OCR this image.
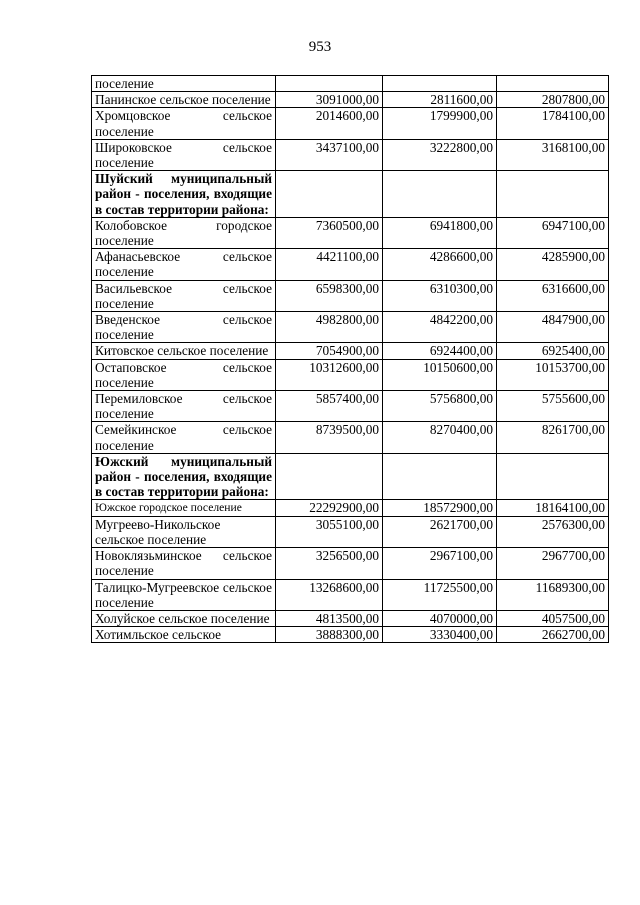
953
поселение			
Панинское сельское поселение	3091000,00	2811600,00	2807800,00
Хромцовское сельское поселение	2014600,00	1799900,00	1784100,00
Широковское сельское поселение	3437100,00	3222800,00	3168100,00
Шуйский муниципальный район - поселения, входящие в состав территории района:			
Колобовское городское поселение	7360500,00	6941800,00	6947100,00
Афанасьевское сельское поселение	4421100,00	4286600,00	4285900,00
Васильевское сельское поселение	6598300,00	6310300,00	6316600,00
Введенское сельское поселение	4982800,00	4842200,00	4847900,00
Китовское сельское поселение	7054900,00	6924400,00	6925400,00
Остаповское сельское поселение	10312600,00	10150600,00	10153700,00
Перемиловское сельское поселение	5857400,00	5756800,00	5755600,00
Семейкинское сельское поселение	8739500,00	8270400,00	8261700,00
Южский муниципальный район - поселения, входящие в состав территории района:			
Южское городское поселение	22292900,00	18572900,00	18164100,00
Мугреево-Никольское сельское поселение	3055100,00	2621700,00	2576300,00
Новоклязьминское сельское поселение	3256500,00	2967100,00	2967700,00
Талицко-Мугреевское сельское поселение	13268600,00	11725500,00	11689300,00
Холуйское сельское поселение	4813500,00	4070000,00	4057500,00
Хотимльское сельское	3888300,00	3330400,00	2662700,00
